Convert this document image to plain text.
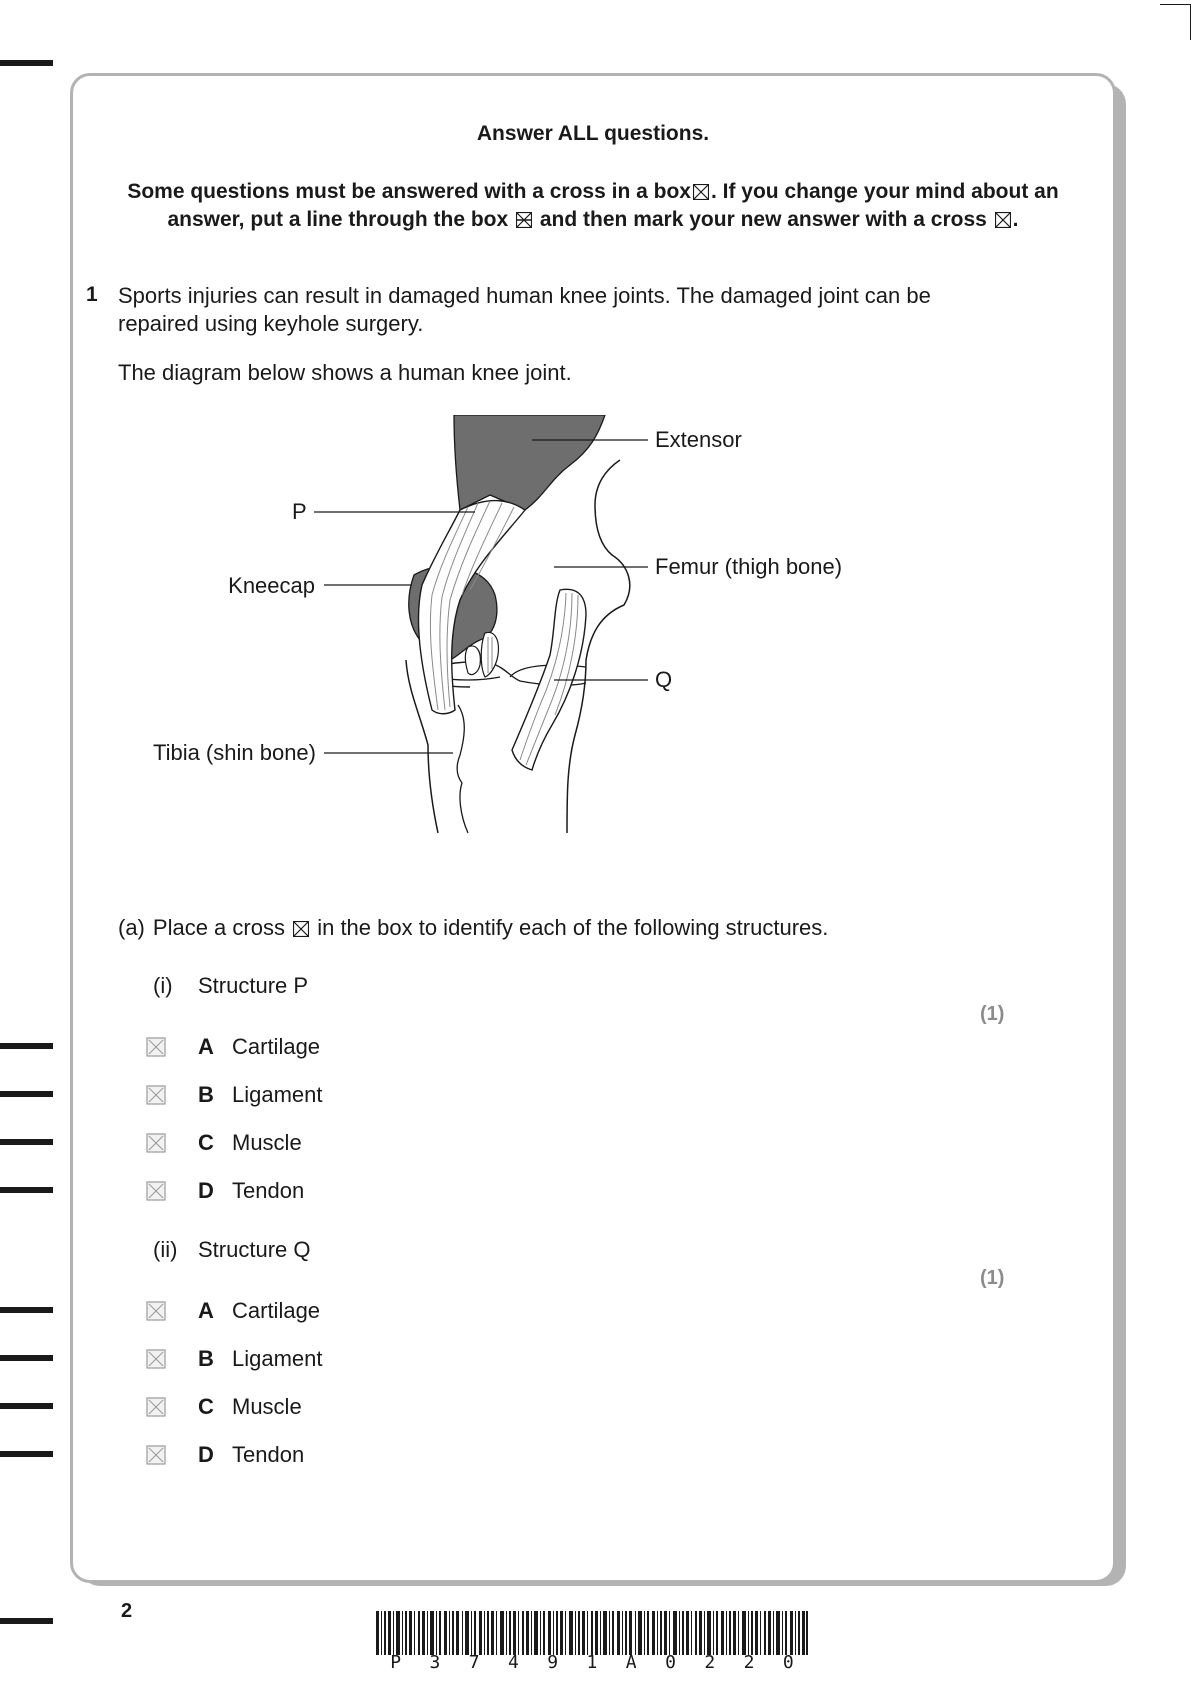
Answer ALL questions.
Some questions must be answered with a cross in a box ☒ . If you change your mind about an
answer, put a line through the box and then mark your new answer with a cross ☒ .
1 Sports injuries can result in damaged human knee joints. The damaged joint can be
repaired using keyhole surgery.
The diagram below shows a human knee joint.
Extensor
P
Femur (thigh bone)
Kneecap
Q
Tibia (shin bone)
(a) Place a cross ☒ in the box to identify each of the following structures.
(i) Structure P
(1)
A Cartilage
B Ligament
C Muscle
D Tendon
(ii) Structure Q
(1)
A Cartilage
B Ligament
C Muscle
D Tendon
2
P 3 7 4 9 1 A 0 2 2 0
